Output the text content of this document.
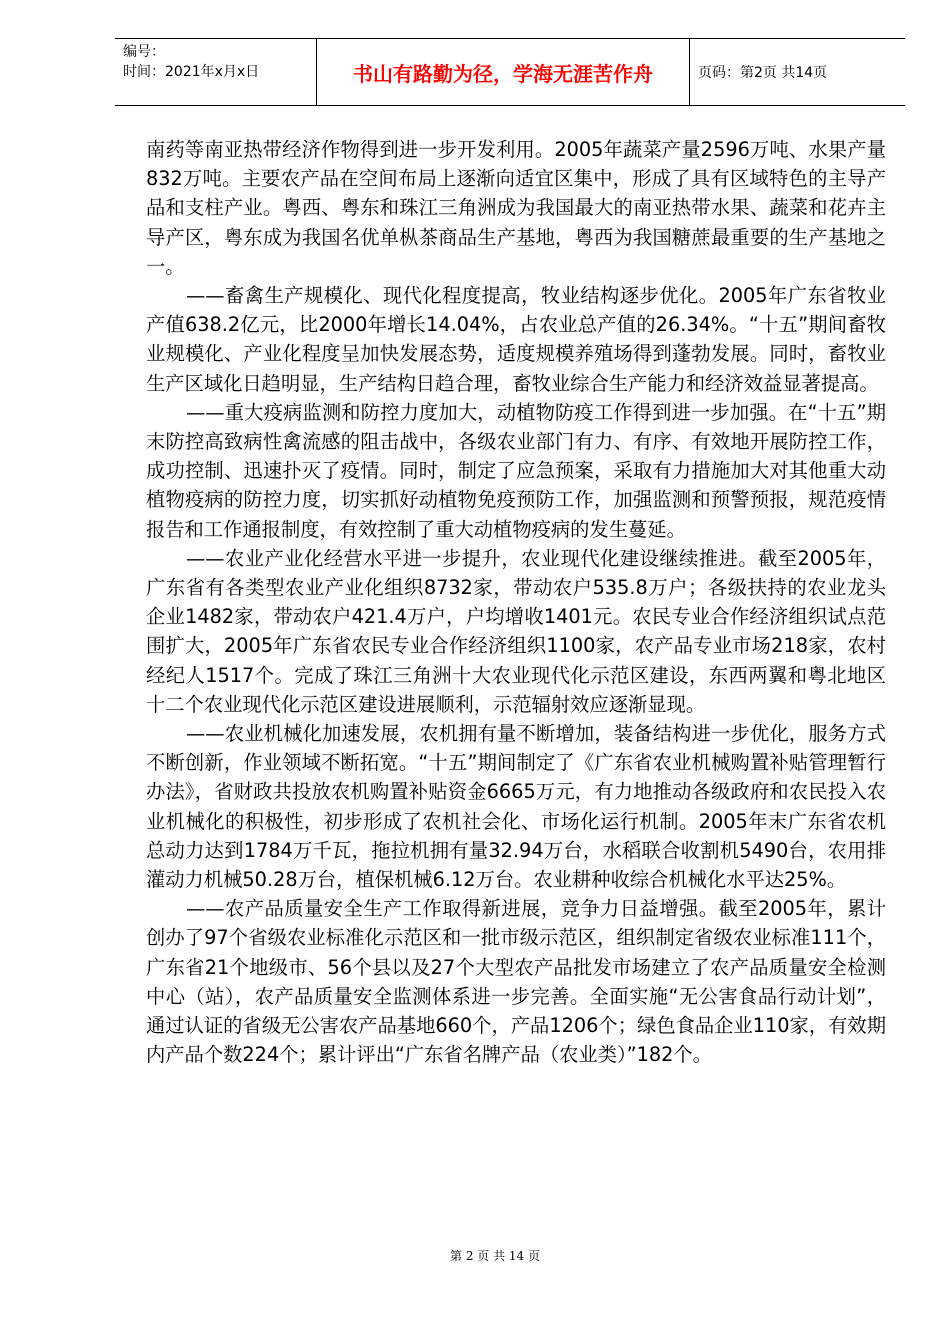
编号：
时间：2021年x月x日	书山有路勤为径，学海无涯苦作舟	页码：第2页 共14页

南药等南亚热带经济作物得到进一步开发利用。2005年蔬菜产量2596万吨、水果产量832万吨。主要农产品在空间布局上逐渐向适宜区集中，形成了具有区域特色的主导产品和支柱产业。粤西、粤东和珠江三角洲成为我国最大的南亚热带水果、蔬菜和花卉主导产区，粤东成为我国名优单枞茶商品生产基地，粤西为我国糖蔗最重要的生产基地之一。

——畜禽生产规模化、现代化程度提高，牧业结构逐步优化。2005年广东省牧业产值638.2亿元，比2000年增长14.04%，占农业总产值的26.34%。“十五”期间畜牧业规模化、产业化程度呈加快发展态势，适度规模养殖场得到蓬勃发展。同时，畜牧业生产区域化日趋明显，生产结构日趋合理，畜牧业综合生产能力和经济效益显著提高。

——重大疫病监测和防控力度加大，动植物防疫工作得到进一步加强。在“十五”期末防控高致病性禽流感的阻击战中，各级农业部门有力、有序、有效地开展防控工作，成功控制、迅速扑灭了疫情。同时，制定了应急预案，采取有力措施加大对其他重大动植物疫病的防控力度，切实抓好动植物免疫预防工作，加强监测和预警预报，规范疫情报告和工作通报制度，有效控制了重大动植物疫病的发生蔓延。

——农业产业化经营水平进一步提升，农业现代化建设继续推进。截至2005年，广东省有各类型农业产业化组织8732家，带动农户535.8万户；各级扶持的农业龙头企业1482家，带动农户421.4万户，户均增收1401元。农民专业合作经济组织试点范围扩大，2005年广东省农民专业合作经济组织1100家，农产品专业市场218家，农村经纪人1517个。完成了珠江三角洲十大农业现代化示范区建设，东西两翼和粤北地区十二个农业现代化示范区建设进展顺利，示范辐射效应逐渐显现。

——农业机械化加速发展，农机拥有量不断增加，装备结构进一步优化，服务方式不断创新，作业领域不断拓宽。“十五”期间制定了《广东省农业机械购置补贴管理暂行办法》，省财政共投放农机购置补贴资金6665万元，有力地推动各级政府和农民投入农业机械化的积极性，初步形成了农机社会化、市场化运行机制。2005年末广东省农机总动力达到1784万千瓦，拖拉机拥有量32.94万台，水稻联合收割机5490台，农用排灌动力机械50.28万台，植保机械6.12万台。农业耕种收综合机械化水平达25%。

——农产品质量安全生产工作取得新进展，竞争力日益增强。截至2005年，累计创办了97个省级农业标准化示范区和一批市级示范区，组织制定省级农业标准111个，广东省21个地级市、56个县以及27个大型农产品批发市场建立了农产品质量安全检测中心（站），农产品质量安全监测体系进一步完善。全面实施“无公害食品行动计划”，通过认证的省级无公害农产品基地660个，产品1206个；绿色食品企业110家，有效期内产品个数224个；累计评出“广东省名牌产品（农业类）”182个。

第 2 页 共 14 页
